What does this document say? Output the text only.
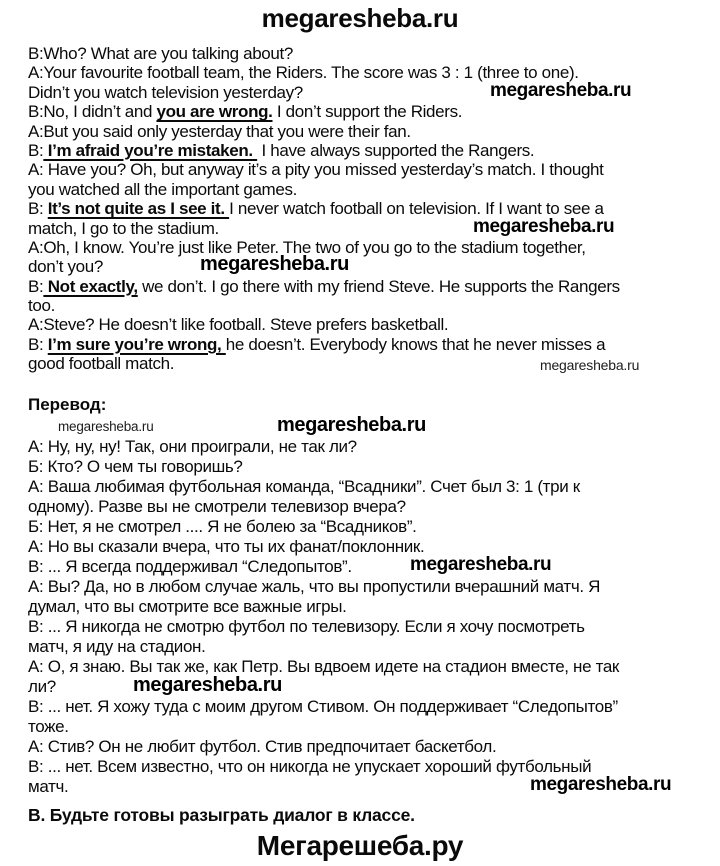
megaresheba.ru
B:Who? What are you talking about?
A:Your favourite football team, the Riders. The score was 3 : 1 (three to one).
Didn’t you watch television yesterday?	megaresheba.ru
B:No, I didn’t and you are wrong. I don’t support the Riders.
A:But you said only yesterday that you were their fan.
B: I’m afraid you’re mistaken.  I have always supported the Rangers.
A: Have you? Oh, but anyway it’s a pity you missed yesterday’s match. I thought
you watched all the important games.
B: It’s not quite as I see it. I never watch football on television. If I want to see a
match, I go to the stadium.	megaresheba.ru
A:Oh, I know. You’re just like Peter. The two of you go to the stadium together,
don’t you?	megaresheba.ru
B: Not exactly, we don’t. I go there with my friend Steve. He supports the Rangers
too.
A:Steve? He doesn’t like football. Steve prefers basketball.
B: I’m sure you’re wrong, he doesn’t. Everybody knows that he never misses a
good football match.	megaresheba.ru
Перевод:
megaresheba.ru	megaresheba.ru
А: Ну, ну, ну! Так, они проиграли, не так ли?
Б: Кто? О чем ты говоришь?
А: Ваша любимая футбольная команда, “Всадники”. Счет был 3: 1 (три к
одному). Разве вы не смотрели телевизор вчера?
Б: Нет, я не смотрел .... Я не болею за “Всадников”.
А: Но вы сказали вчера, что ты их фанат/поклонник.
В: ... Я всегда поддерживал “Следопытов”.	megaresheba.ru
А: Вы? Да, но в любом случае жаль, что вы пропустили вчерашний матч. Я
думал, что вы смотрите все важные игры.
В: ... Я никогда не смотрю футбол по телевизору. Если я хочу посмотреть
матч, я иду на стадион.
А: О, я знаю. Вы так же, как Петр. Вы вдвоем идете на стадион вместе, не так
ли?	megaresheba.ru
В: ... нет. Я хожу туда с моим другом Стивом. Он поддерживает “Следопытов”
тоже.
А: Стив? Он не любит футбол. Стив предпочитает баскетбол.
В: ... нет. Всем известно, что он никогда не упускает хороший футбольный
матч.	megaresheba.ru
В. Будьте готовы разыграть диалог в классе.
Мегарешеба.ру
